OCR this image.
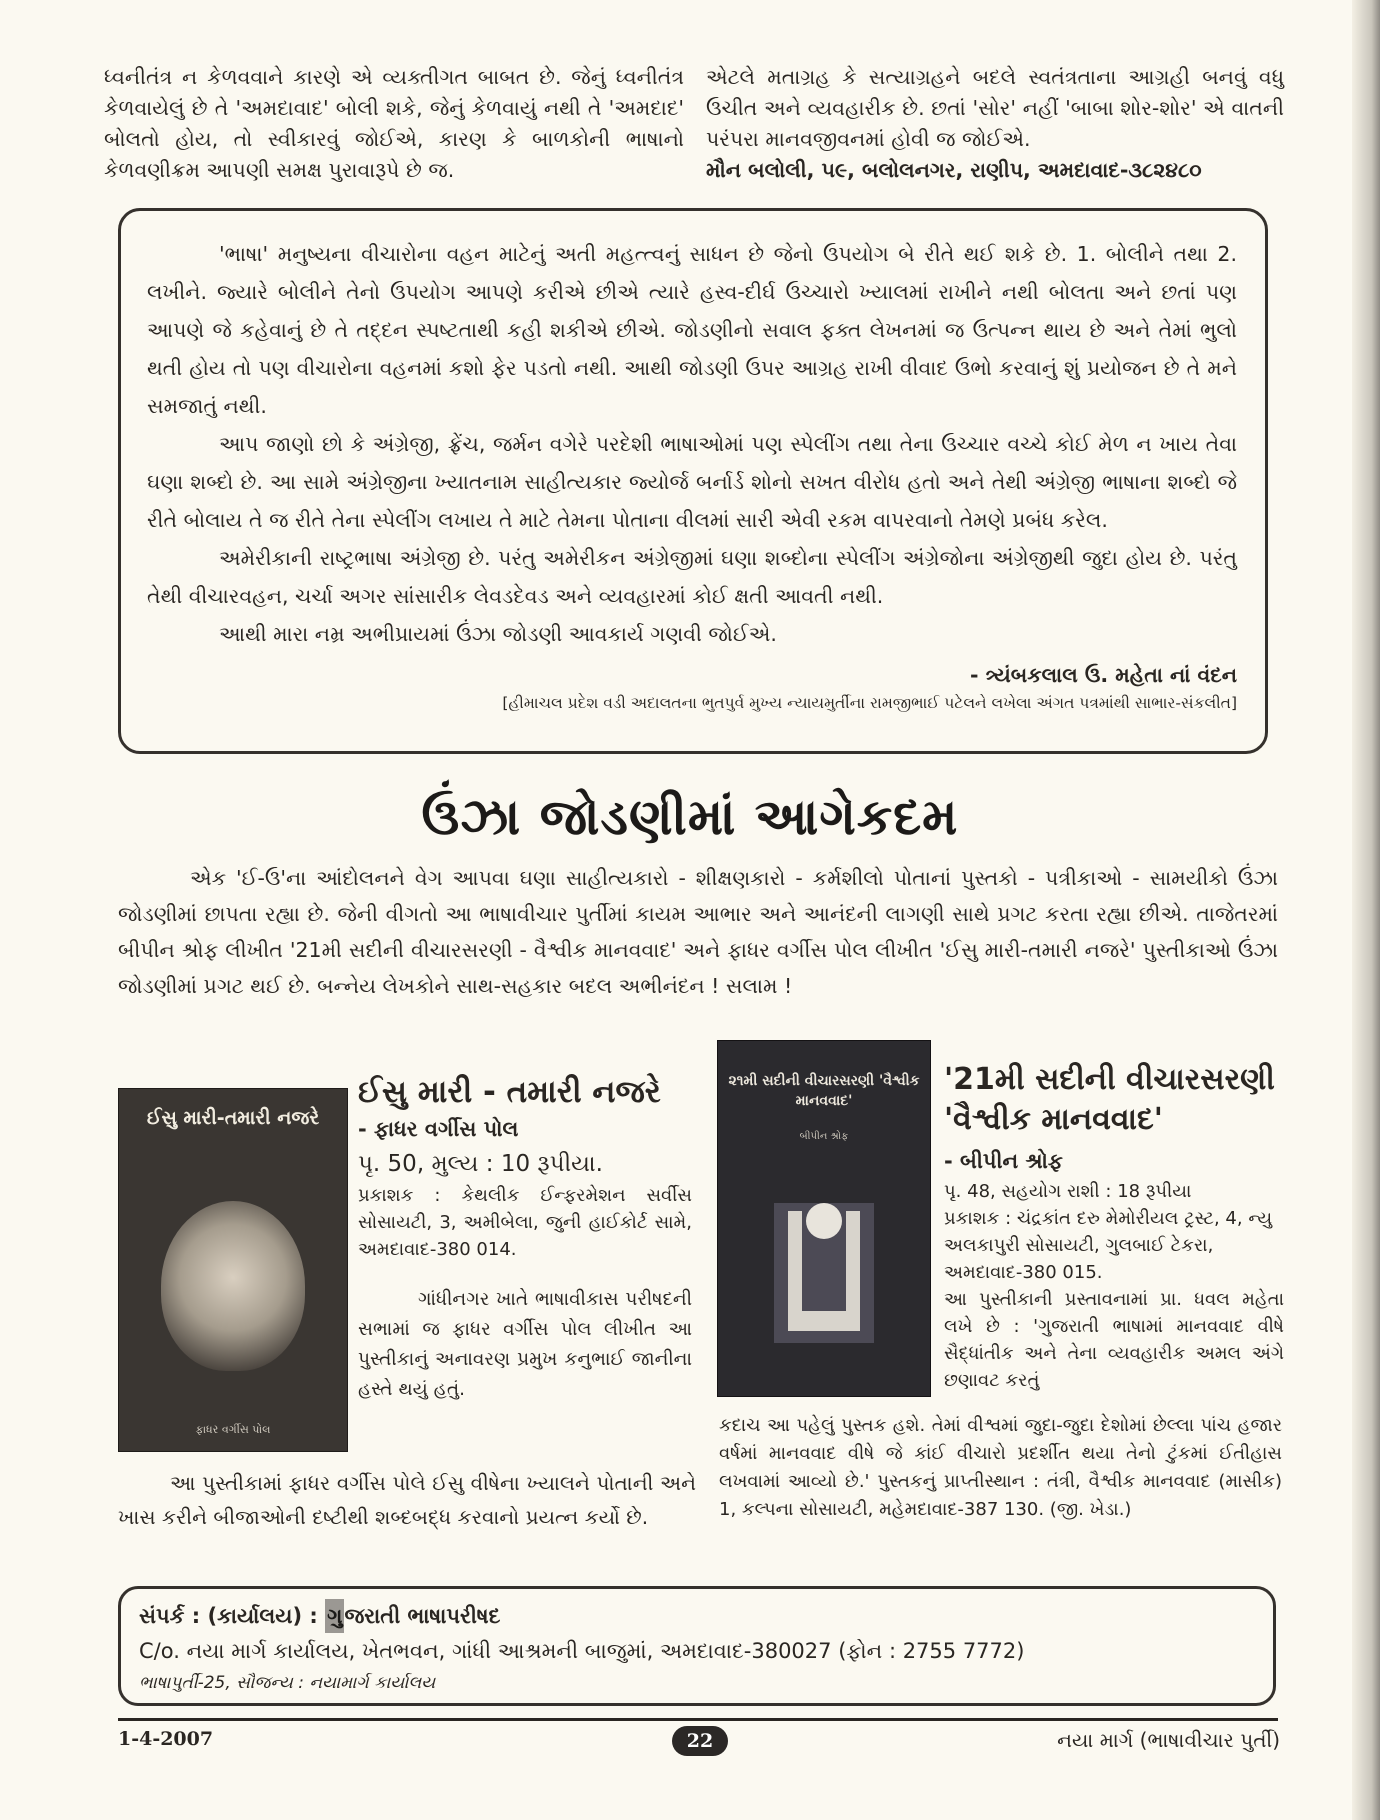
ધ્વનીતંત્ર ન કેળવવાને કારણે એ વ્યક્તીગત બાબત છે. જેનું ધ્વનીતંત્ર કેળવાયેલું છે તે 'અમદાવાદ' બોલી શકે, જેનું કેળવાયું નથી તે 'અમદાદ' બોલતો હોય, તો સ્વીકારવું જોઈએ, કારણ કે બાળકોની ભાષાનો કેળવણીક્રમ આપણી સમક્ષ પુરાવારૂપે છે જ.

એટલે મતાગ્રહ કે સત્યાગ્રહને બદલે સ્વતંત્રતાના આગ્રહી બનવું વધુ ઉચીત અને વ્યવહારીક છે. છતાં 'સોર' નહીં 'બાબા શોર-શોર' એ વાતની પરંપરા માનવજીવનમાં હોવી જ જોઈએ.

મૌન બલોલી, ૫૯, બલોલનગર, રાણીપ, અમદાવાદ-૩૮૨૪૮૦

'ભાષા' મનુષ્યના વીચારોના વહન માટેનું અતી મહત્ત્વનું સાધન છે જેનો ઉપયોગ બે રીતે થઈ શકે છે. 1. બોલીને તથા 2. લખીને. જ્યારે બોલીને તેનો ઉપયોગ આપણે કરીએ છીએ ત્યારે હસ્વ-દીર્ઘ ઉચ્ચારો ખ્યાલમાં રાખીને નથી બોલતા અને છતાં પણ આપણે જે કહેવાનું છે તે તદ્દન સ્પષ્ટતાથી કહી શકીએ છીએ. જોડણીનો સવાલ ફક્ત લેખનમાં જ ઉત્પન્ન થાય છે અને તેમાં ભુલો થતી હોય તો પણ વીચારોના વહનમાં કશો ફેર પડતો નથી. આથી જોડણી ઉપર આગ્રહ રાખી વીવાદ ઉભો કરવાનું શું પ્રયોજન છે તે મને સમજાતું નથી.

આપ જાણો છો કે અંગ્રેજી, ફ્રેંચ, જર્મન વગેરે પરદેશી ભાષાઓમાં પણ સ્પેલીંગ તથા તેના ઉચ્ચાર વચ્ચે કોઈ મેળ ન ખાય તેવા ઘણા શબ્દો છે. આ સામે અંગ્રેજીના ખ્યાતનામ સાહીત્યકાર જ્યોર્જ બર્નાર્ડ શોનો સખત વીરોધ હતો અને તેથી અંગ્રેજી ભાષાના શબ્દો જે રીતે બોલાય તે જ રીતે તેના સ્પેલીંગ લખાય તે માટે તેમના પોતાના વીલમાં સારી એવી રકમ વાપરવાનો તેમણે પ્રબંધ કરેલ.

અમેરીકાની રાષ્ટ્રભાષા અંગ્રેજી છે. પરંતુ અમેરીકન અંગ્રેજીમાં ઘણા શબ્દોના સ્પેલીંગ અંગ્રેજોના અંગ્રેજીથી જુદા હોય છે. પરંતુ તેથી વીચારવહન, ચર્ચા અગર સાંસારીક લેવડદેવડ અને વ્યવહારમાં કોઈ ક્ષતી આવતી નથી.

આથી મારા નમ્ર અભીપ્રાયમાં ઉંઝા જોડણી આવકાર્ય ગણવી જોઈએ.

- ત્ર્યંબકલાલ ઉ. મહેતા નાં વંદન

[હીમાચલ પ્રદેશ વડી અદાલતના ભુતપુર્વ મુખ્ય ન્યાયમુર્તીના રામજીભાઈ પટેલને લખેલા અંગત પત્રમાંથી સાભાર-સંકલીત]

ઉંઝા જોડણીમાં આગેકદમ

એક 'ઈ-ઉ'ના આંદોલનને વેગ આપવા ઘણા સાહીત્યકારો - શીક્ષણકારો - કર્મશીલો પોતાનાં પુસ્તકો - પત્રીકાઓ - સામયીકો ઉંઝા જોડણીમાં છાપતા રહ્યા છે. જેની વીગતો આ ભાષાવીચાર પુર્તીમાં કાયમ આભાર અને આનંદની લાગણી સાથે પ્રગટ કરતા રહ્યા છીએ. તાજેતરમાં બીપીન શ્રોફ લીખીત '21મી સદીની વીચારસરણી - વૈશ્વીક માનવવાદ' અને ફાધર વર્ગીસ પોલ લીખીત 'ઈસુ મારી-તમારી નજરે' પુસ્તીકાઓ ઉંઝા જોડણીમાં પ્રગટ થઈ છે. બન્નેય લેખકોને સાથ-સહકાર બદલ અભીનંદન ! સલામ !

ઈસુ મારી-તમારી નજરે
ફાધર વર્ગીસ પોલ

ઈસુ મારી - તમારી નજરે

- ફાધર વર્ગીસ પોલ

પૃ. 50, મુલ્ય : 10 રૂપીયા.

પ્રકાશક : કેથલીક ઈન્ફરમેશન સર્વીસ સોસાયટી, 3, અમીબેલા, જુની હાઈકોર્ટ સામે, અમદાવાદ-380 014.

ગાંધીનગર ખાતે ભાષાવીકાસ પરીષદની સભામાં જ ફાધર વર્ગીસ પોલ લીખીત આ પુસ્તીકાનું અનાવરણ પ્રમુખ કનુભાઈ જાનીના હસ્તે થયું હતું.

આ પુસ્તીકામાં ફાધર વર્ગીસ પોલે ઈસુ વીષેના ખ્યાલને પોતાની અને ખાસ કરીને બીજાઓની દષ્ટીથી શબ્દબદ્ધ કરવાનો પ્રયત્ન કર્યો છે.

૨૧મી સદીની વીચારસરણી 'વૈશ્વીક માનવવાદ'
બીપીન શ્રોફ

'21મી સદીની વીચારસરણી

'વૈશ્વીક માનવવાદ'

- બીપીન શ્રોફ

પૃ. 48, સહયોગ રાશી : 18 રૂપીયા

પ્રકાશક : ચંદ્રકાંત દરુ મેમોરીયલ ટ્રસ્ટ, 4, ન્યુ અલકાપુરી સોસાયટી, ગુલબાઈ ટેકરા, અમદાવાદ-380 015.

આ પુસ્તીકાની પ્રસ્તાવનામાં પ્રા. ધવલ મહેતા લખે છે : 'ગુજરાતી ભાષામાં માનવવાદ વીષે સૈદ્ધાંતીક અને તેના વ્યવહારીક અમલ અંગે છણાવટ કરતું

કદાચ આ પહેલું પુસ્તક હશે. તેમાં વીશ્વમાં જુદા-જુદા દેશોમાં છેલ્લા પાંચ હજાર વર્ષમાં માનવવાદ વીષે જે કાંઈ વીચારો પ્રદર્શીત થયા તેનો ટુંકમાં ઈતીહાસ લખવામાં આવ્યો છે.' પુસ્તકનું પ્રાપ્તીસ્થાન : તંત્રી, વૈશ્વીક માનવવાદ (માસીક) 1, કલ્પના સોસાયટી, મહેમદાવાદ-387 130. (જી. ખેડા.)

સંપર્ક : (કાર્યાલય) : ગુજરાતી ભાષાપરીષદ

C/o. નયા માર્ગ કાર્યાલય, ખેતભવન, ગાંધી આશ્રમની બાજુમાં, અમદાવાદ-380027 (ફોન : 2755 7772)

ભાષાપુર્તી-25, સૌજન્ય : નયામાર્ગ કાર્યાલય

1-4-2007	22	નયા માર્ગ (ભાષાવીચાર પુર્તી)
